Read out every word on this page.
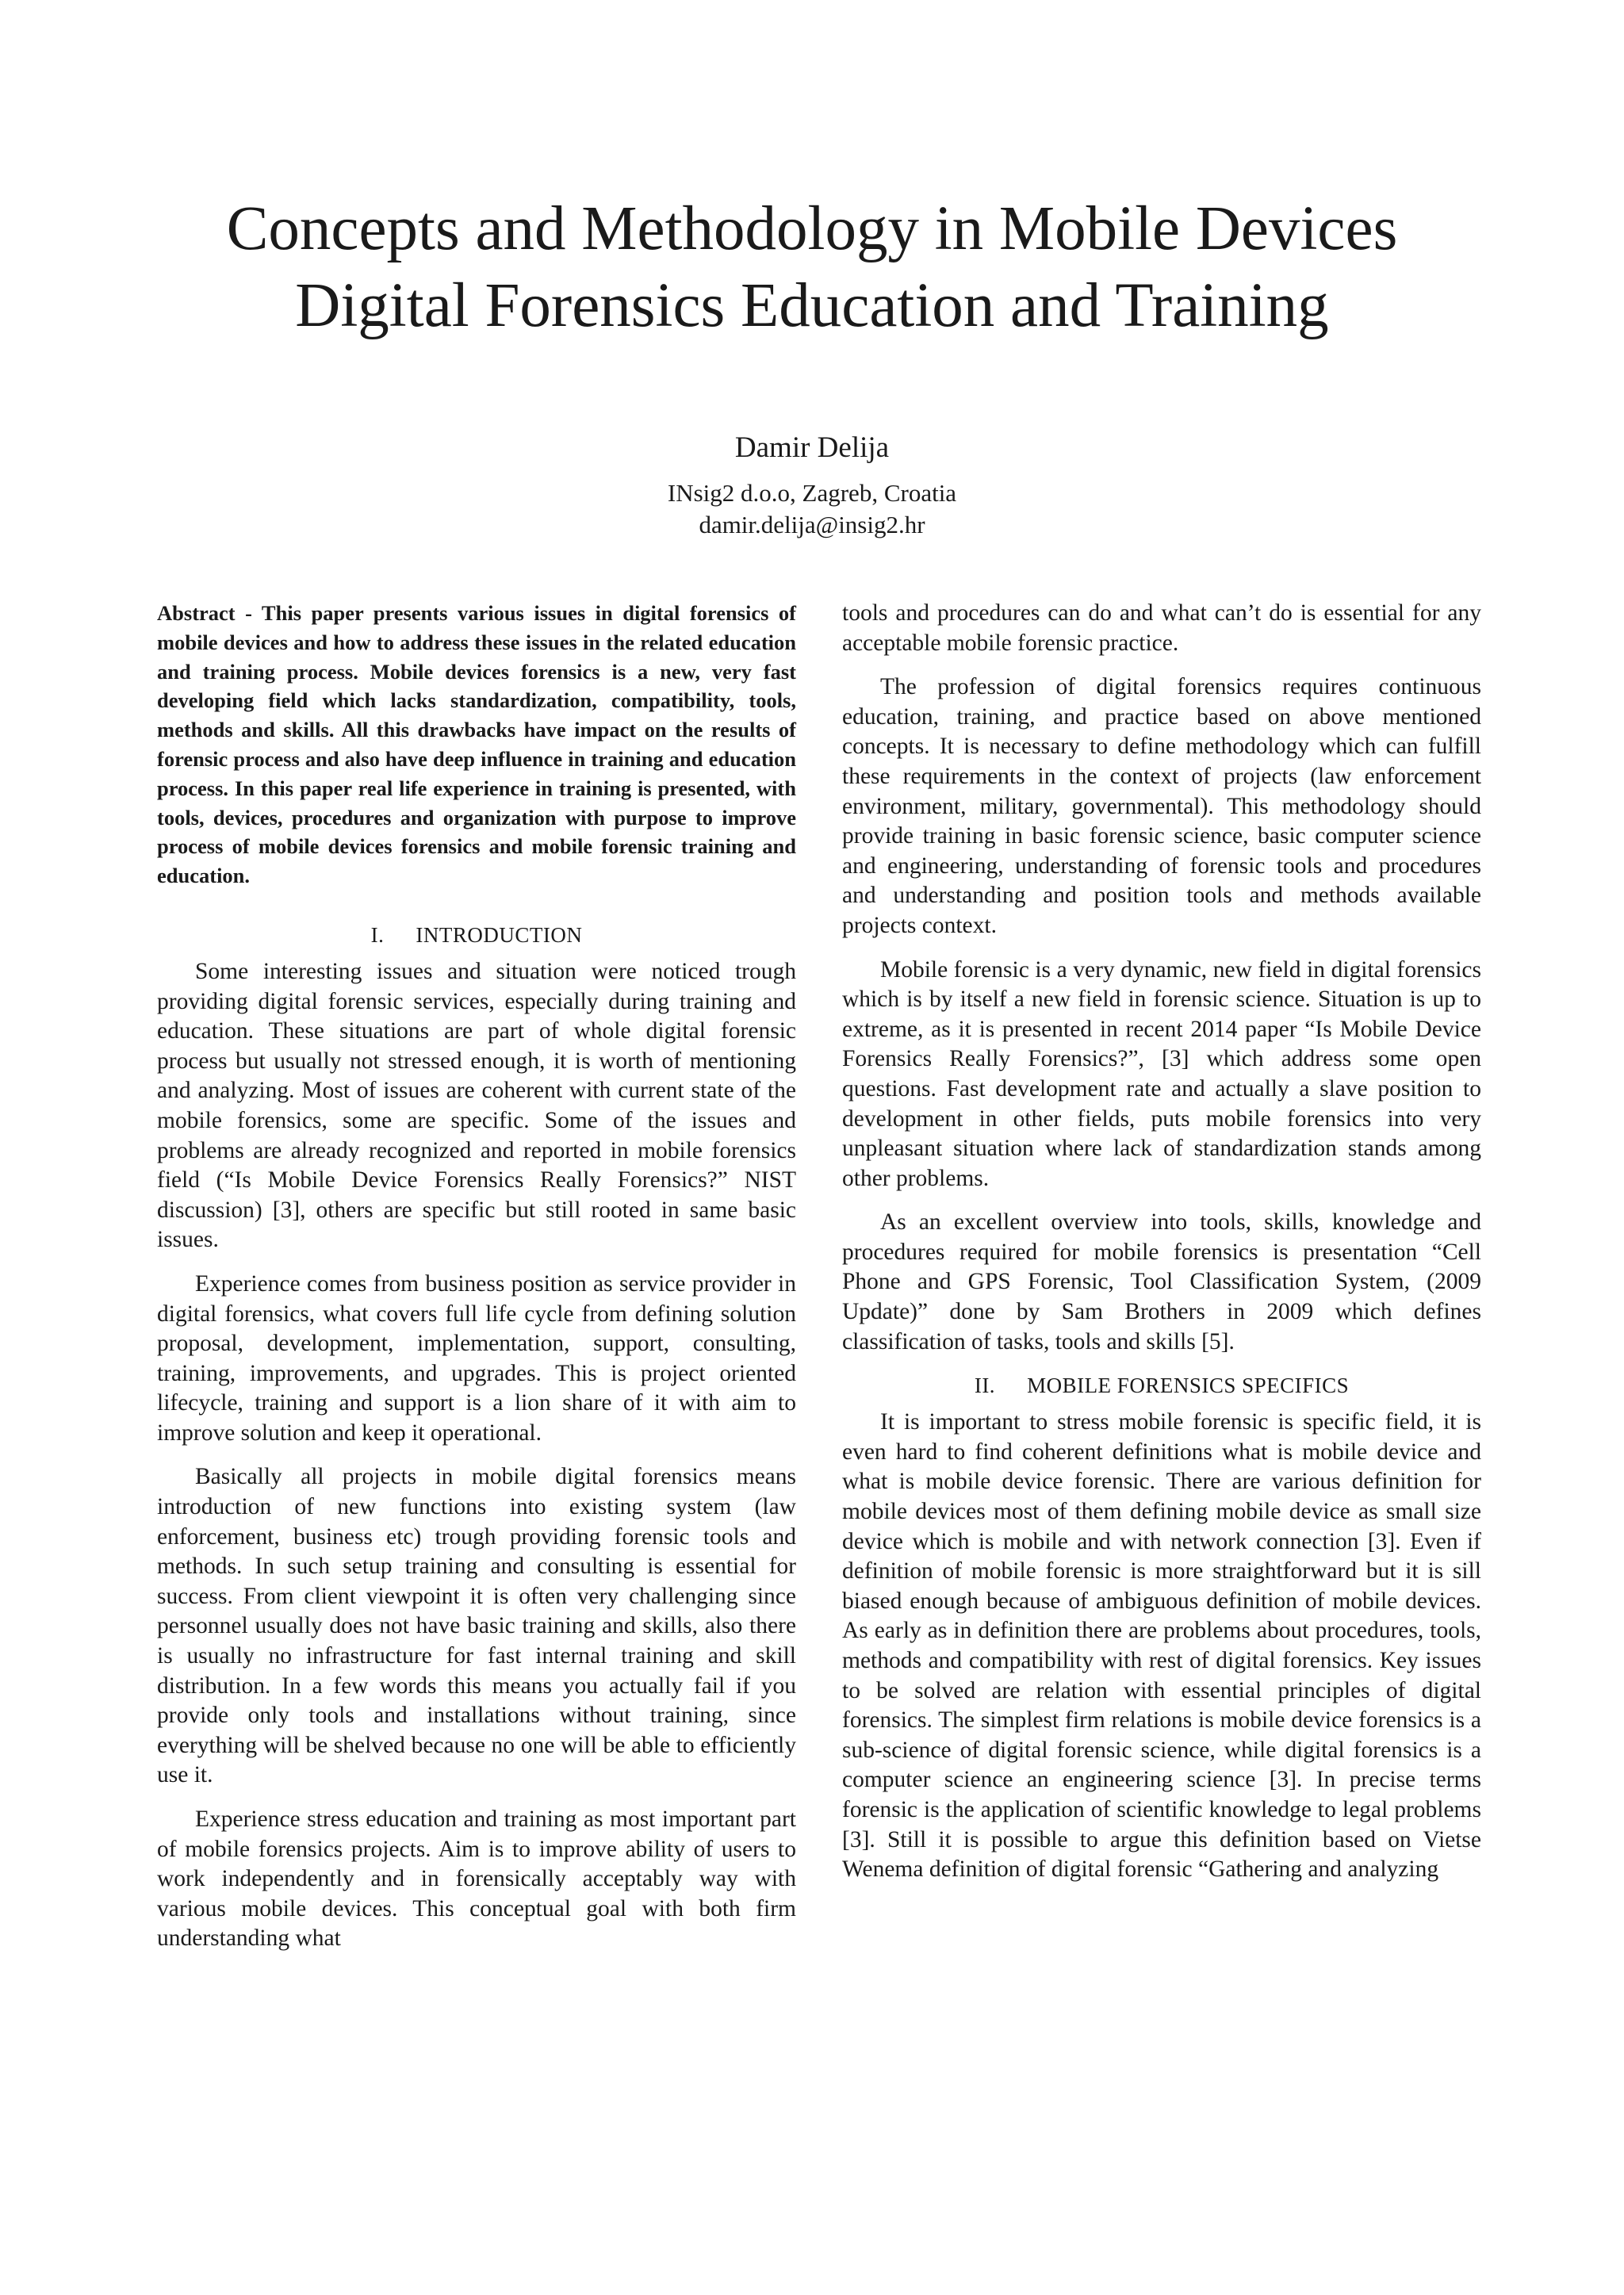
Concepts and Methodology in Mobile Devices
Digital Forensics Education and Training
Damir Delija
INsig2 d.o.o, Zagreb, Croatia
damir.delija@insig2.hr
Abstract - This paper presents various issues in digital forensics of mobile devices and how to address these issues in the related education and training process. Mobile devices forensics is a new, very fast developing field which lacks standardization, compatibility, tools, methods and skills. All this drawbacks have impact on the results of forensic process and also have deep influence in training and education process. In this paper real life experience in training is presented, with tools, devices, procedures and organization with purpose to improve process of mobile devices forensics and mobile forensic training and education.
I. INTRODUCTION

Some interesting issues and situation were noticed trough providing digital forensic services, especially during training and education. These situations are part of whole digital forensic process but usually not stressed enough, it is worth of mentioning and analyzing. Most of issues are coherent with current state of the mobile forensics, some are specific. Some of the issues and problems are already recognized and reported in mobile forensics field (“Is Mobile Device Forensics Really Forensics?” NIST discussion) [3], others are specific but still rooted in same basic issues.

Experience comes from business position as service provider in digital forensics, what covers full life cycle from defining solution proposal, development, implementation, support, consulting, training, improvements, and upgrades. This is project oriented lifecycle, training and support is a lion share of it with aim to improve solution and keep it operational.

Basically all projects in mobile digital forensics means introduction of new functions into existing system (law enforcement, business etc) trough providing forensic tools and methods. In such setup training and consulting is essential for success. From client viewpoint it is often very challenging since personnel usually does not have basic training and skills, also there is usually no infrastructure for fast internal training and skill distribution. In a few words this means you actually fail if you provide only tools and installations without training, since everything will be shelved because no one will be able to efficiently use it.

Experience stress education and training as most important part of mobile forensics projects. Aim is to improve ability of users to work independently and in forensically acceptably way with various mobile devices. This conceptual goal with both firm understanding what

tools and procedures can do and what can’t do is essential for any acceptable mobile forensic practice.

The profession of digital forensics requires continuous education, training, and practice based on above mentioned concepts. It is necessary to define methodology which can fulfill these requirements in the context of projects (law enforcement environment, military, governmental). This methodology should provide training in basic forensic science, basic computer science and engineering, understanding of forensic tools and procedures and understanding and position tools and methods available projects context.

Mobile forensic is a very dynamic, new field in digital forensics which is by itself a new field in forensic science. Situation is up to extreme, as it is presented in recent 2014 paper “Is Mobile Device Forensics Really Forensics?”, [3] which address some open questions. Fast development rate and actually a slave position to development in other fields, puts mobile forensics into very unpleasant situation where lack of standardization stands among other problems.

As an excellent overview into tools, skills, knowledge and procedures required for mobile forensics is presentation “Cell Phone and GPS Forensic, Tool Classification System, (2009 Update)” done by Sam Brothers in 2009 which defines classification of tasks, tools and skills [5].

II. MOBILE FORENSICS SPECIFICS

It is important to stress mobile forensic is specific field, it is even hard to find coherent definitions what is mobile device and what is mobile device forensic. There are various definition for mobile devices most of them defining mobile device as small size device which is mobile and with network connection [3]. Even if definition of mobile forensic is more straightforward but it is sill biased enough because of ambiguous definition of mobile devices. As early as in definition there are problems about procedures, tools, methods and compatibility with rest of digital forensics. Key issues to be solved are relation with essential principles of digital forensics. The simplest firm relations is mobile device forensics is a sub-science of digital forensic science, while digital forensics is a computer science an engineering science [3]. In precise terms forensic is the application of scientific knowledge to legal problems [3]. Still it is possible to argue this definition based on Vietse Wenema definition of digital forensic “Gathering and analyzing
